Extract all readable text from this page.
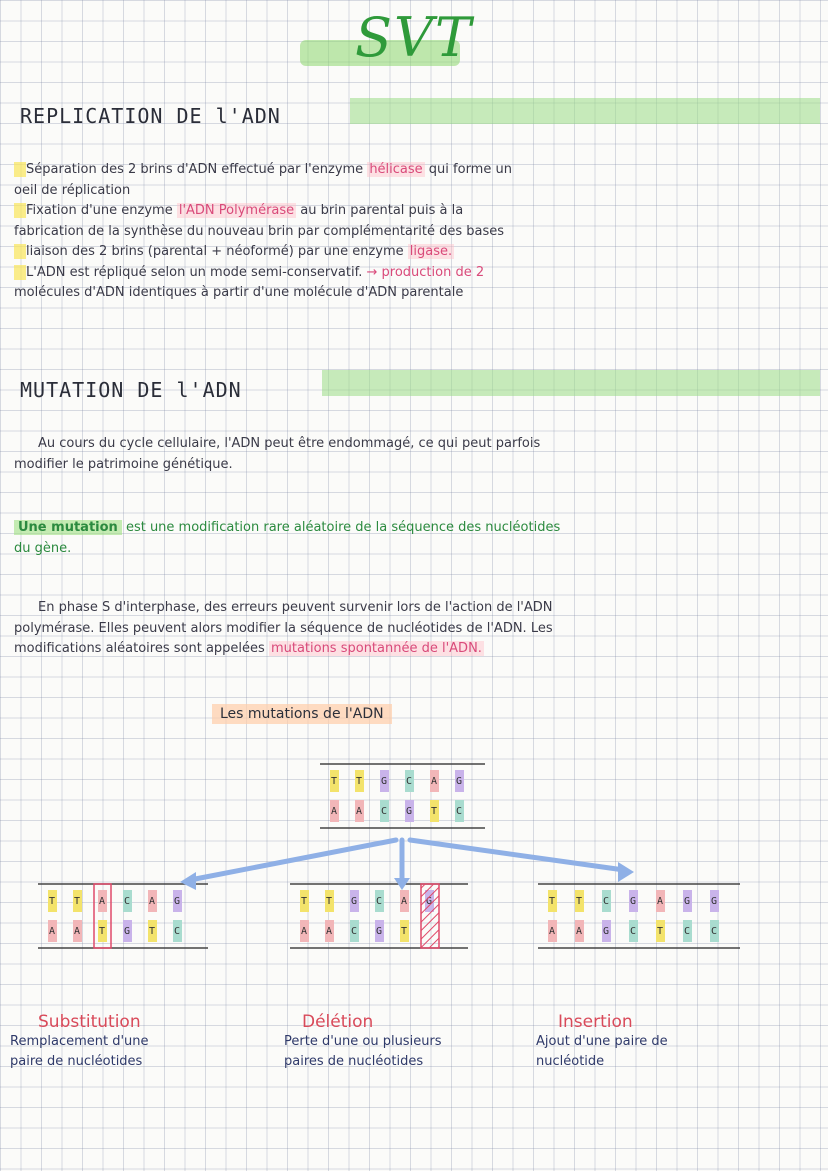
SVT
REPLICATION DE l'ADN

Séparation des 2 brins d'ADN effectué par l'enzyme hélicase qui forme un

oeil de réplication

Fixation d'une enzyme l'ADN Polymérase au brin parental puis à la

fabrication de la synthèse du nouveau brin par complémentarité des bases

liaison des 2 brins (parental + néoformé) par une enzyme ligase.

L'ADN est répliqué selon un mode semi-conservatif. → production de 2

molécules d'ADN identiques à partir d'une molécule d'ADN parentale

MUTATION DE l'ADN

Au cours du cycle cellulaire, l'ADN peut être endommagé, ce qui peut parfois

modifier le patrimoine génétique.

Une mutation est une modification rare aléatoire de la séquence des nucléotides

du gène.

En phase S d'interphase, des erreurs peuvent survenir lors de l'action de l'ADN

polymérase. Elles peuvent alors modifier la séquence de nucléotides de l'ADN. Les

modifications aléatoires sont appelées mutations spontannée de l'ADN.

Les mutations de l'ADN
T T G C A G
A A C G T C
T T A C A G
A A T G T C
T T G C A
A A C G T
T T C G A G G
A A G C T C C
Substitution
Remplacement d'une
paire de nucléotides
Délétion
Perte d'une ou plusieurs
paires de nucléotides
Insertion
Ajout d'une paire de
nucléotide
